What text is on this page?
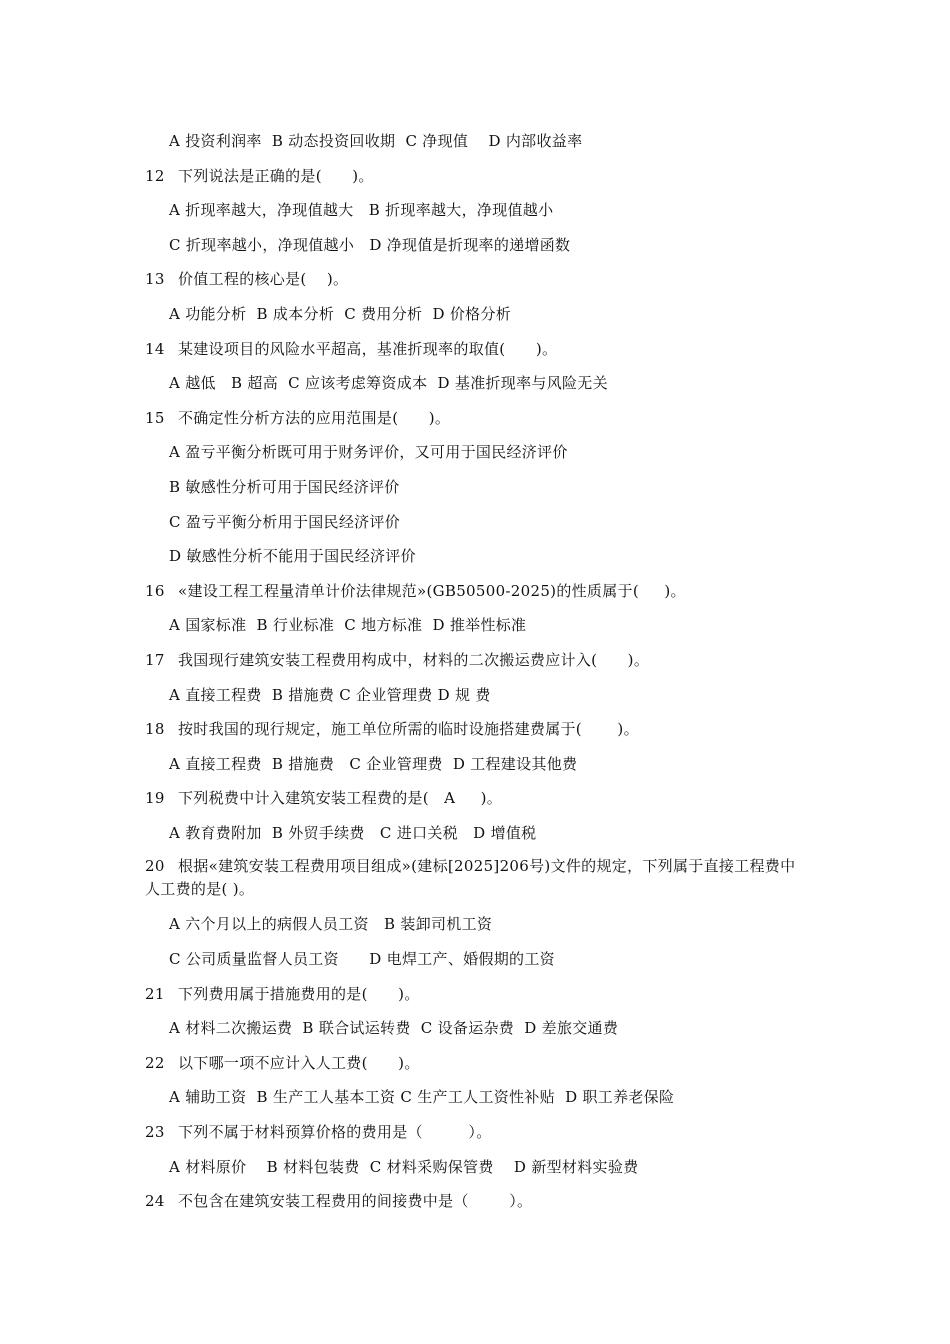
A 投资利润率  B 动态投资回收期  C 净现值    D 内部收益率
12 下列说法是正确的是(      )。
A 折现率越大，净现值越大   B 折现率越大，净现值越小
C 折现率越小，净现值越小   D 净现值是折现率的递增函数
13 价值工程的核心是(    )。
A 功能分析  B 成本分析  C 费用分析  D 价格分析
14 某建设项目的风险水平超高，基准折现率的取值(      )。
A 越低   B 超高  C 应该考虑筹资成本  D 基准折现率与风险无关
15 不确定性分析方法的应用范围是(      )。
A 盈亏平衡分析既可用于财务评价，又可用于国民经济评价
B 敏感性分析可用于国民经济评价
C 盈亏平衡分析用于国民经济评价
D 敏感性分析不能用于国民经济评价
16 «建设工程工程量清单计价法律规范»(GB50500-2025)的性质属于(     )。
A 国家标准  B 行业标准  C 地方标准  D 推举性标准
17 我国现行建筑安装工程费用构成中，材料的二次搬运费应计入(      )。
A 直接工程费  B 措施费 C 企业管理费 D 规 费
18 按时我国的现行规定，施工单位所需的临时设施搭建费属于(       )。
A 直接工程费  B 措施费   C 企业管理费  D 工程建设其他费
19 下列税费中计入建筑安装工程费的是(   A     )。
A 教育费附加  B 外贸手续费   C 进口关税   D 增值税
20 根据«建筑安装工程费用项目组成»(建标[2025]206号)文件的规定，下列属于直接工程费中人工费的是( )。
A 六个月以上的病假人员工资   B 装卸司机工资
C 公司质量监督人员工资      D 电焊工产、婚假期的工资
21 下列费用属于措施费用的是(      )。
A 材料二次搬运费  B 联合试运转费  C 设备运杂费  D 差旅交通费
22 以下哪一项不应计入人工费(      )。
A 辅助工资  B 生产工人基本工资 C 生产工人工资性补贴  D 职工养老保险
23 下列不属于材料预算价格的费用是（         ）。
A 材料原价    B 材料包装费  C 材料采购保管费    D 新型材料实验费
24 不包含在建筑安装工程费用的间接费中是（        ）。
